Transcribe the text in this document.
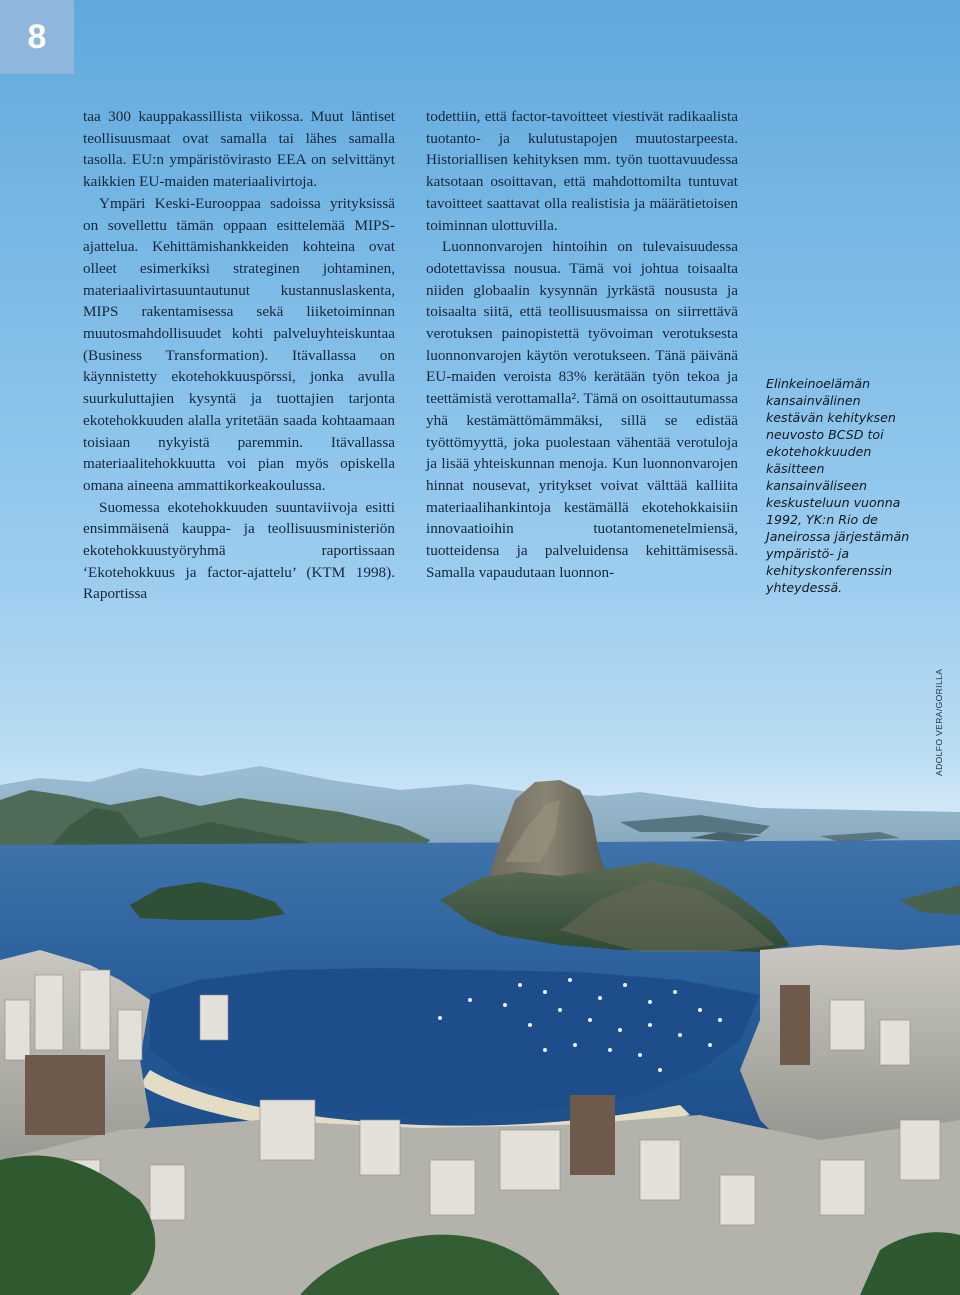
8

taa 300 kauppakassillista viikossa. Muut läntiset teollisuusmaat ovat samalla tai lähes samalla tasolla. EU:n ympäristövirasto EEA on selvittänyt kaikkien EU-maiden materiaalivirtoja.

Ympäri Keski-Eurooppaa sadoissa yrityksissä on sovellettu tämän oppaan esittelemää MIPS-ajattelua. Kehittämishankkeiden kohteina ovat olleet esimerkiksi strateginen johtaminen, materiaalivirtasuuntautunut kustannuslaskenta, MIPS rakentamisessa sekä liiketoiminnan muutosmahdollisuudet kohti palveluyhteiskuntaa (Business Transformation). Itävallassa on käynnistetty ekotehokkuuspörssi, jonka avulla suurkuluttajien kysyntä ja tuottajien tarjonta ekotehokkuuden alalla yritetään saada kohtaamaan toisiaan nykyistä paremmin. Itävallassa materiaalitehokkuutta voi pian myös opiskella omana aineena ammattikorkeakoulussa.

Suomessa ekotehokkuuden suuntaviivoja esitti ensimmäisenä kauppa- ja teollisuusministeriön ekotehokkuustyöryhmä raportissaan ‘Ekotehokkuus ja factor-ajattelu’ (KTM 1998). Raportissa

todettiin, että factor-tavoitteet viestivät radikaalista tuotanto- ja kulutustapojen muutostarpeesta. Historiallisen kehityksen mm. työn tuottavuudessa katsotaan osoittavan, että mahdottomilta tuntuvat tavoitteet saattavat olla realistisia ja määrätietoisen toiminnan ulottuvilla.

Luonnonvarojen hintoihin on tulevaisuudessa odotettavissa nousua. Tämä voi johtua toisaalta niiden globaalin kysynnän jyrkästä noususta ja toisaalta siitä, että teollisuusmaissa on siirrettävä verotuksen painopistettä työvoiman verotuksesta luonnonvarojen käytön verotukseen. Tänä päivänä EU-maiden veroista 83% kerätään työn tekoa ja teettämistä verottamalla². Tämä on osoittautumassa yhä kestämättömämmäksi, sillä se edistää työttömyyttä, joka puolestaan vähentää verotuloja ja lisää yhteiskunnan menoja. Kun luonnonvarojen hinnat nousevat, yritykset voivat välttää kalliita materiaalihankintoja kestämällä ekotehokkaisiin innovaatioihin tuotantomenetelmiensä, tuotteidensa ja palveluidensa kehittämisessä. Samalla vapaudutaan luonnon-

Elinkeinoelämän kansainvälinen kestävän kehityksen neuvosto BCSD toi ekotehokkuuden käsitteen kansainväliseen keskusteluun vuonna 1992, YK:n Rio de Janeirossa järjestämän ympäristö- ja kehityskonferenssin yhteydessä.
ADOLFO VERA/GORILLA
